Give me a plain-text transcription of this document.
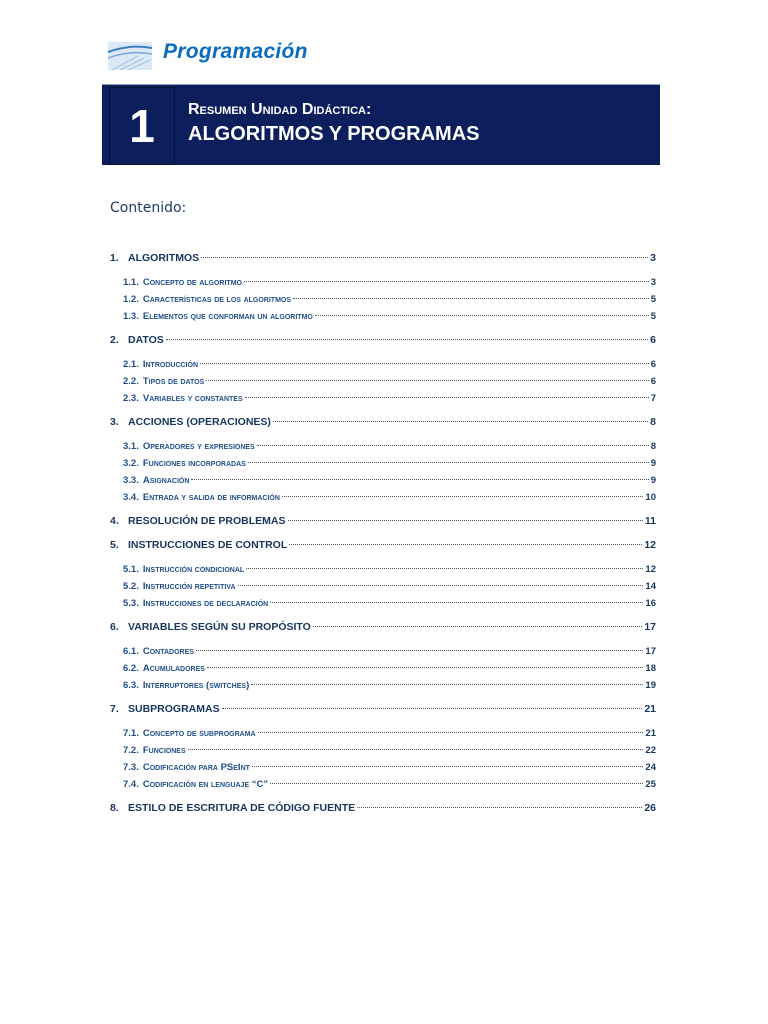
Programación
1	Resumen Unidad Didáctica:
ALGORITMOS Y PROGRAMAS
Contenido:
1. ALGORITMOS	3
1.1. Concepto de algoritmo	3
1.2. Características de los algoritmos	5
1.3. Elementos que conforman un algoritmo	5
2. DATOS	6
2.1. Introducción	6
2.2. Tipos de datos	6
2.3. Variables y constantes	7
3. ACCIONES (OPERACIONES)	8
3.1. Operadores y expresiones	8
3.2. Funciones incorporadas	9
3.3. Asignación	9
3.4. Entrada y salida de información	10
4. RESOLUCIÓN DE PROBLEMAS	11
5. INSTRUCCIONES DE CONTROL	12
5.1. Instrucción condicional	12
5.2. Instrucción repetitiva	14
5.3. Instrucciones de declaración	16
6. VARIABLES SEGÚN SU PROPÓSITO	17
6.1. Contadores	17
6.2. Acumuladores	18
6.3. Interruptores (switches)	19
7. SUBPROGRAMAS	21
7.1. Concepto de subprograma	21
7.2. Funciones	22
7.3. Codificación para PSeInt	24
7.4. Codificación en lenguaje “C”	25
8. ESTILO DE ESCRITURA DE CÓDIGO FUENTE	26
